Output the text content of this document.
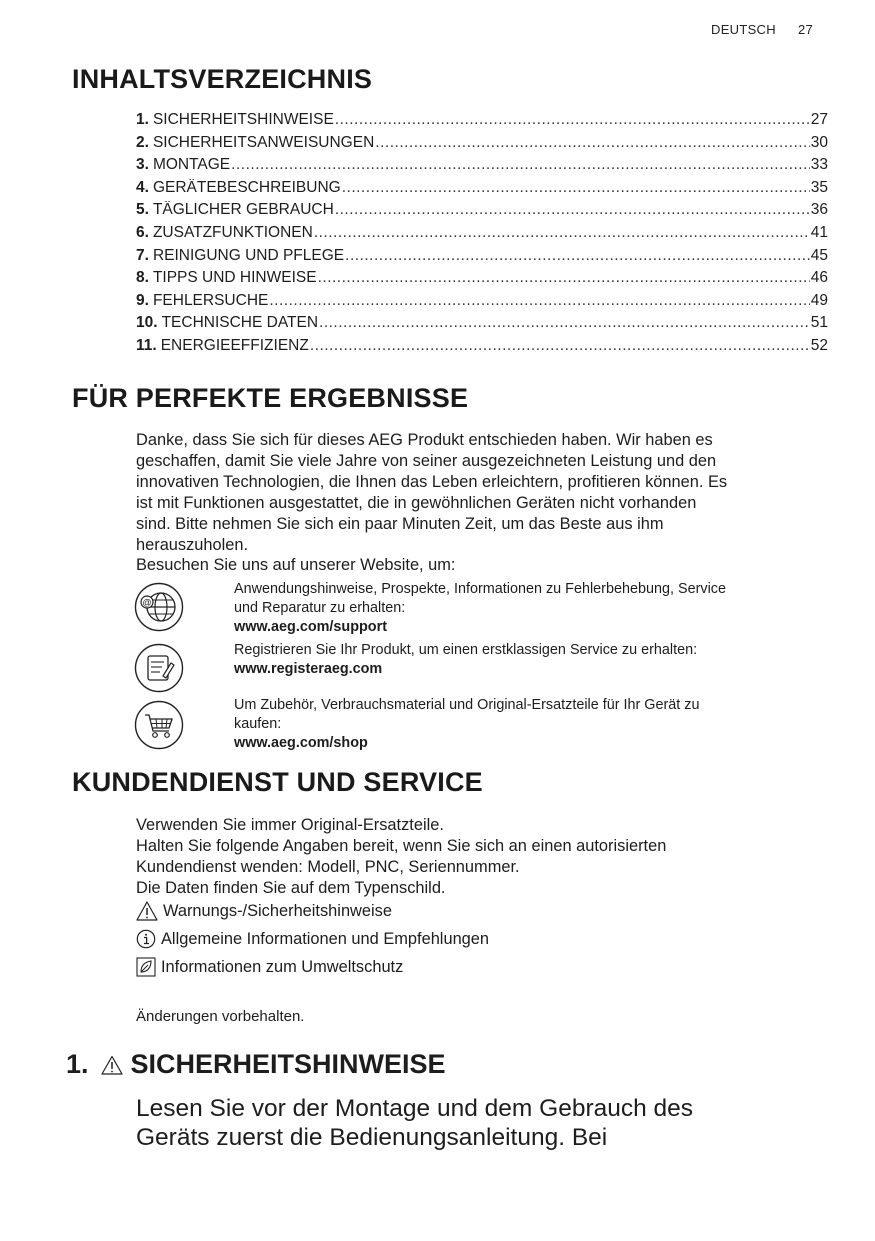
DEUTSCH 27
INHALTSVERZEICHNIS
1. SICHERHEITSHINWEISE .....	27
2. SICHERHEITSANWEISUNGEN .....	30
3. MONTAGE .....	33
4. GERÄTEBESCHREIBUNG .....	35
5. TÄGLICHER GEBRAUCH .....	36
6. ZUSATZFUNKTIONEN .....	41
7. REINIGUNG UND PFLEGE .....	45
8. TIPPS UND HINWEISE .....	46
9. FEHLERSUCHE .....	49
10. TECHNISCHE DATEN .....	51
11. ENERGIEEFFIZIENZ .....	52
FÜR PERFEKTE ERGEBNISSE
Danke, dass Sie sich für dieses AEG Produkt entschieden haben. Wir haben es
geschaffen, damit Sie viele Jahre von seiner ausgezeichneten Leistung und den
innovativen Technologien, die Ihnen das Leben erleichtern, profitieren können. Es
ist mit Funktionen ausgestattet, die in gewöhnlichen Geräten nicht vorhanden
sind. Bitte nehmen Sie sich ein paar Minuten Zeit, um das Beste aus ihm
herauszuholen.
Besuchen Sie uns auf unserer Website, um:
@
Anwendungshinweise, Prospekte, Informationen zu Fehlerbehebung, Service
und Reparatur zu erhalten:
www.aeg.com/support
Registrieren Sie Ihr Produkt, um einen erstklassigen Service zu erhalten:
www.registeraeg.com
Um Zubehör, Verbrauchsmaterial und Original-Ersatzteile für Ihr Gerät zu
kaufen:
www.aeg.com/shop
KUNDENDIENST UND SERVICE
Verwenden Sie immer Original-Ersatzteile.
Halten Sie folgende Angaben bereit, wenn Sie sich an einen autorisierten
Kundendienst wenden: Modell, PNC, Seriennummer.
Die Daten finden Sie auf dem Typenschild.
Warnungs-/Sicherheitshinweise
Allgemeine Informationen und Empfehlungen
Informationen zum Umweltschutz
Änderungen vorbehalten.
1. SICHERHEITSHINWEISE
Lesen Sie vor der Montage und dem Gebrauch des
Geräts zuerst die Bedienungsanleitung. Bei
